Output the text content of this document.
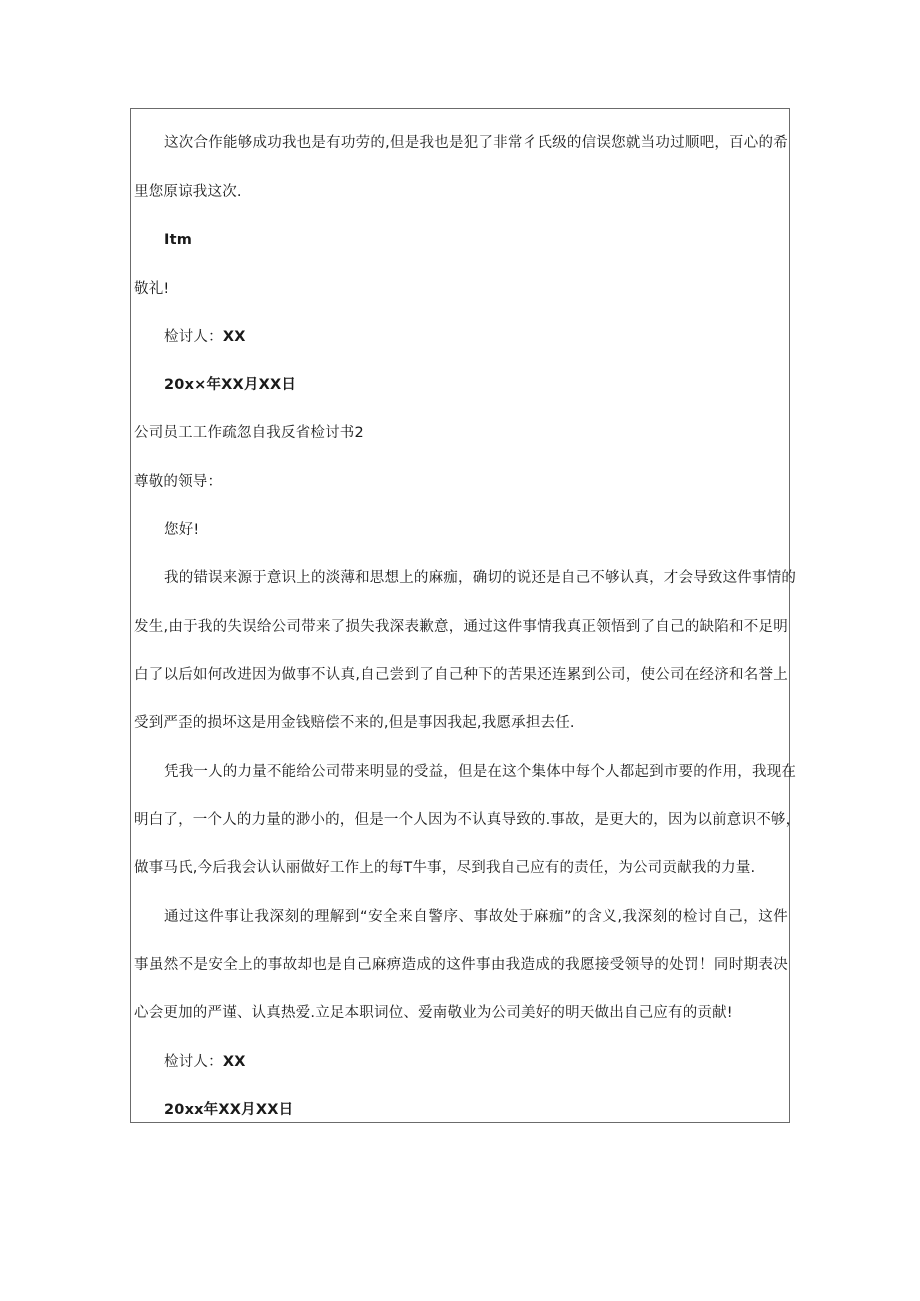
这次合作能够成功我也是有功劳的,但是我也是犯了非常彳氏级的信误您就当功过顺吧，百心的希
里您原谅我这次.
Itm
敬礼!
检讨人：XX
20x×年XX月XX日
公司员工工作疏忽自我反省检讨书2
尊敬的领导：
您好!
我的错误来源于意识上的淡薄和思想上的麻痂，确切的说还是自己不够认真，才会导致这件事情的
发生,由于我的失误给公司带来了损失我深表歉意，通过这件事情我真正领悟到了自己的缺陷和不足明
白了以后如何改进因为做事不认真,自己尝到了自己种下的苦果还连累到公司，使公司在经济和名誉上
受到严歪的损坏这是用金钱赔偿不来的,但是事因我起,我愿承担去任.
凭我一人的力量不能给公司带来明显的受益，但是在这个集体中每个人都起到市要的作用，我现在
明白了，一个人的力量的渺小的，但是一个人因为不认真导致的.事故，是更大的，因为以前意识不够，
做事马氏,今后我会认认丽做好工作上的每T牛事，尽到我自己应有的责任，为公司贡献我的力量.
通过这件事让我深刻的理解到“安全来自警序、事故处于麻痂”的含义,我深刻的检讨自己，这件
事虽然不是安全上的事故却也是自己麻痹造成的这件事由我造成的我愿接受领导的处罚！同时期表决
心会更加的严谨、认真热爱.立足本职词位、爱南敬业为公司美好的明天做出自己应有的贡献!
检讨人：XX
20xx年XX月XX日
